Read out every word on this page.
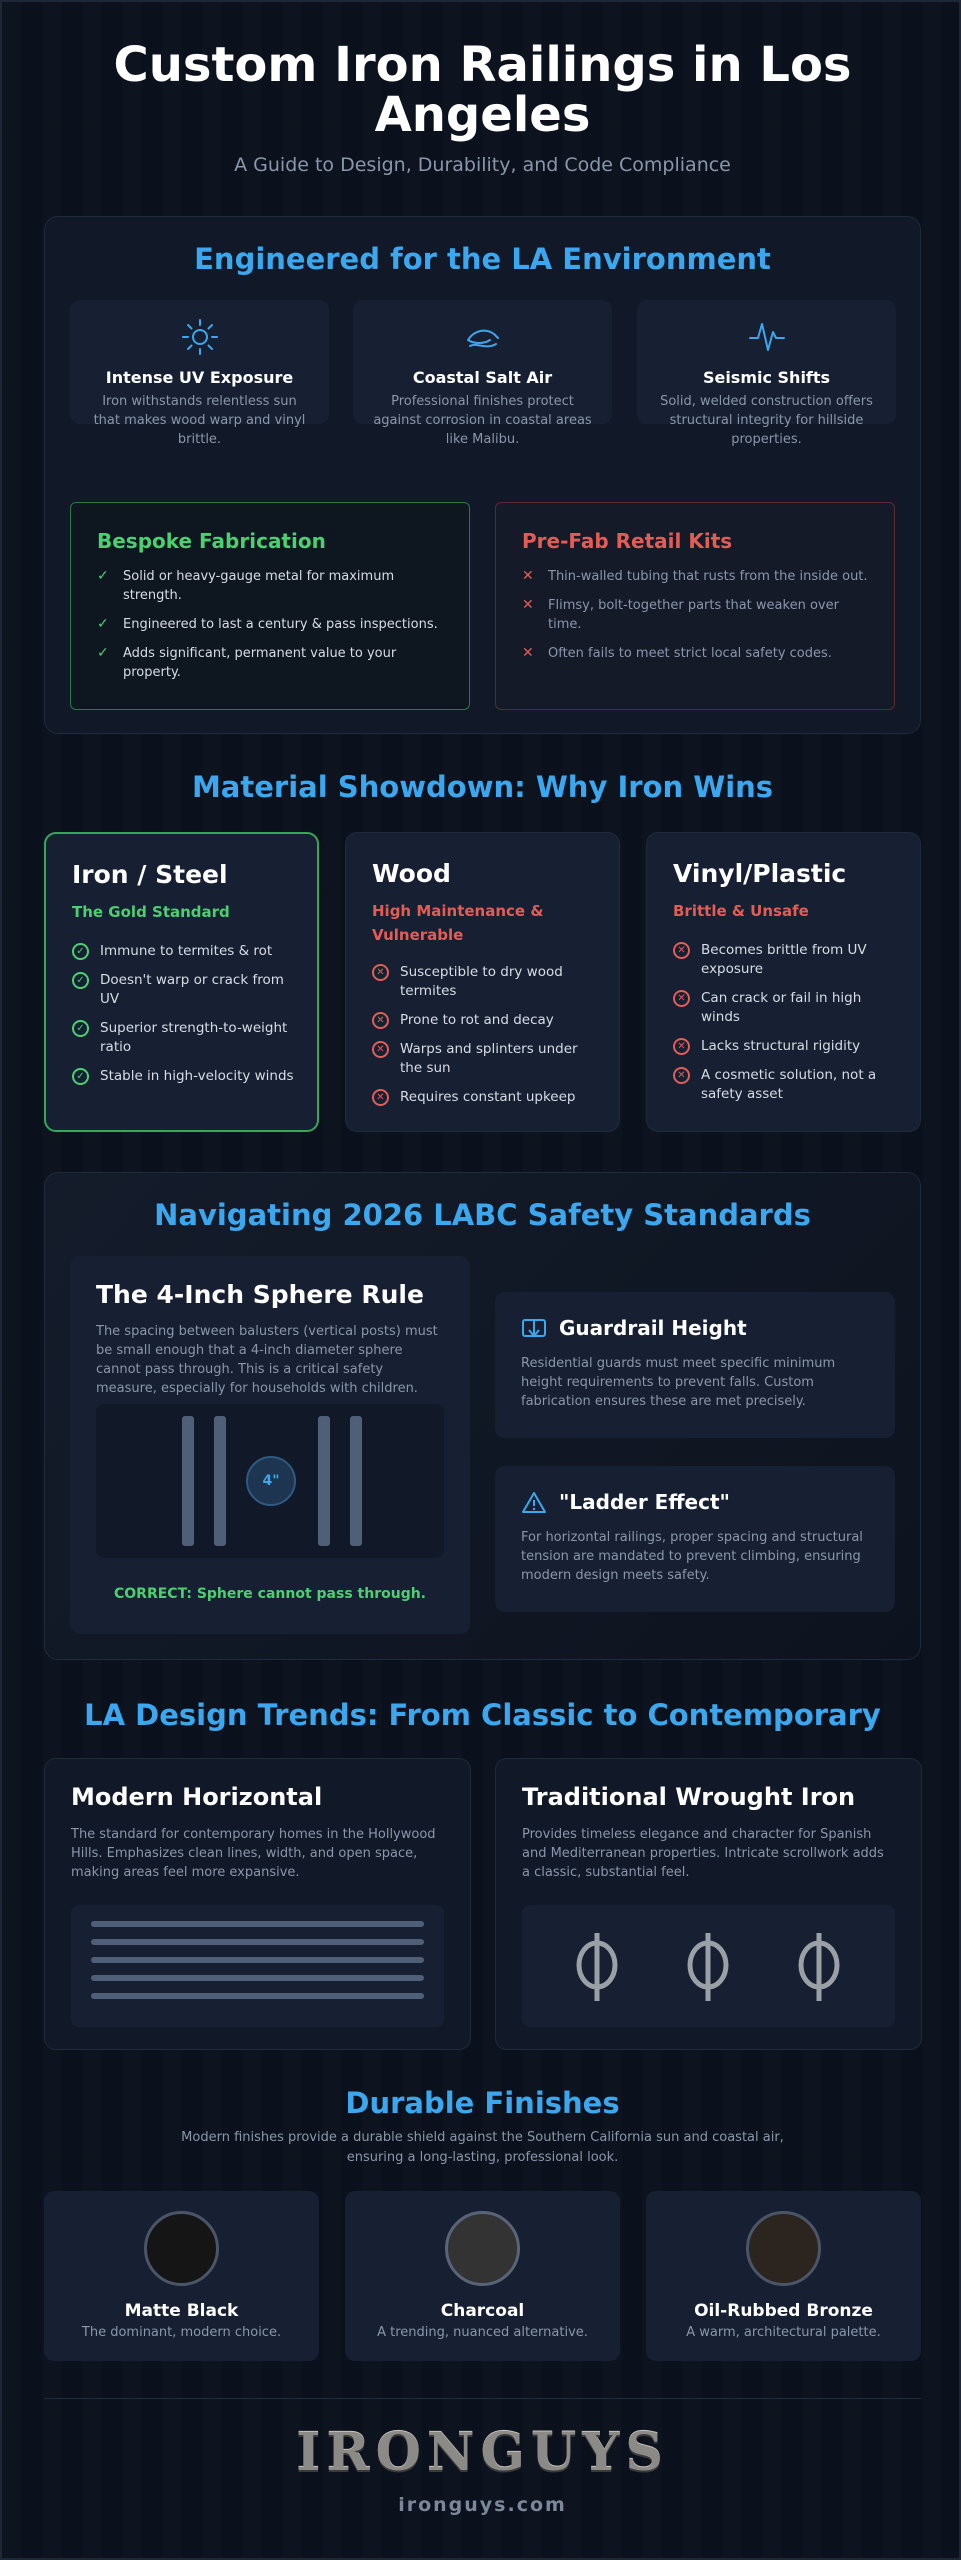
Custom Iron Railings in Los Angeles
A Guide to Design, Durability, and Code Compliance
Engineered for the LA Environment
Intense UV Exposure
Iron withstands relentless sun that makes wood warp and vinyl brittle.
Coastal Salt Air
Professional finishes protect against corrosion in coastal areas like Malibu.
Seismic Shifts
Solid, welded construction offers structural integrity for hillside properties.
Bespoke Fabrication
✓ Solid or heavy-gauge metal for maximum strength.
✓ Engineered to last a century & pass inspections.
✓ Adds significant, permanent value to your property.
Pre-Fab Retail Kits
✕ Thin-walled tubing that rusts from the inside out.
✕ Flimsy, bolt-together parts that weaken over time.
✕ Often fails to meet strict local safety codes.
Material Showdown: Why Iron Wins
Iron / Steel
The Gold Standard
✓	Immune to termites & rot
✓	Doesn't warp or crack from UV
✓	Superior strength-to-weight ratio
✓	Stable in high-velocity winds
Wood
High Maintenance & Vulnerable
✕	Susceptible to dry wood termites
✕	Prone to rot and decay
✕	Warps and splinters under the sun
✕	Requires constant upkeep
Vinyl/Plastic
Brittle & Unsafe
✕	Becomes brittle from UV exposure
✕	Can crack or fail in high winds
✕	Lacks structural rigidity
✕	A cosmetic solution, not a safety asset
Navigating 2026 LABC Safety Standards
The 4-Inch Sphere Rule
The spacing between balusters (vertical posts) must be small enough that a 4-inch diameter sphere cannot pass through. This is a critical safety measure, especially for households with children.
4"
CORRECT: Sphere cannot pass through.
Guardrail Height
Residential guards must meet specific minimum height requirements to prevent falls. Custom fabrication ensures these are met precisely.
"Ladder Effect"
For horizontal railings, proper spacing and structural tension are mandated to prevent climbing, ensuring modern design meets safety.
LA Design Trends: From Classic to Contemporary
Modern Horizontal
The standard for contemporary homes in the Hollywood Hills. Emphasizes clean lines, width, and open space, making areas feel more expansive.
Traditional Wrought Iron
Provides timeless elegance and character for Spanish and Mediterranean properties. Intricate scrollwork adds a classic, substantial feel.
Durable Finishes
Modern finishes provide a durable shield against the Southern California sun and coastal air, ensuring a long-lasting, professional look.
Matte Black
The dominant, modern choice.
Charcoal
A trending, nuanced alternative.
Oil-Rubbed Bronze
A warm, architectural palette.
IRONGUYS
ironguys.com
